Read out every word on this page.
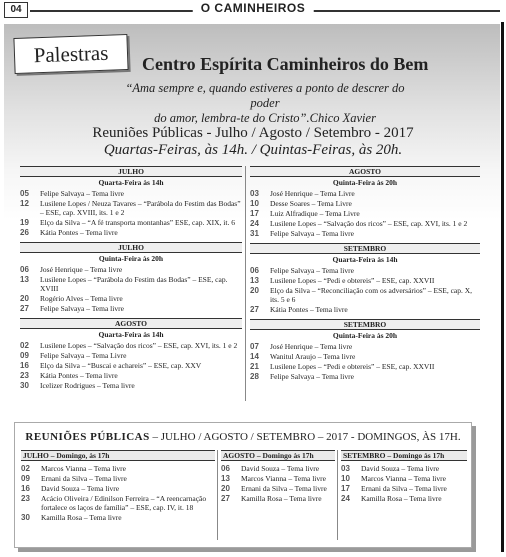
04	O CAMINHEIROS
Palestras	Centro Espírita Caminheiros do Bem
“Ama sempre e, quando estiveres a ponto de descrer do poder
do amor, lembra-te do Cristo”.Chico Xavier
Reuniões Públicas - Julho / Agosto / Setembro - 2017
Quartas-Feiras, às 14h. / Quintas-Feiras, às 20h.
JULHO
Quarta-Feira às 14h
05	Felipe Salvaya – Tema livre
12	Lusilene Lopes / Neuza Tavares – “Parábola do Festim das Bodas” – ESE, cap. XVIII, its. 1 e 2
19	Elço da Silva – “A fé transporta montanhas” ESE, cap. XIX, it. 6
26	Kátia Pontes – Tema livre
JULHO
Quinta-Feira às 20h
06	José Henrique – Tema livre
13	Lusilene Lopes – “Parábola do Festim das Bodas” – ESE, cap. XVIII
20	Rogério Alves – Tema livre
27	Felipe Salvaya – Tema livre
AGOSTO
Quarta-Feira às 14h
02	Lusilene Lopes – “Salvação dos ricos” – ESE, cap. XVI, its. 1 e 2
09	Felipe Salvaya – Tema Livre
16	Elço da Silva – “Buscai e achareis” – ESE, cap. XXV
23	Kátia Pontes – Tema livre
30	Icelizer Rodrigues – Tema livre
AGOSTO
Quinta-Feira às 20h
03	José Henrique – Tema Livre
10	Desse Soares – Tema Livre
17	Luiz Alfradique – Tema Livre
24	Lusilene Lopes – “Salvação dos ricos” – ESE, cap. XVI, its. 1 e 2
31	Felipe Salvaya – Tema livre
SETEMBRO
Quarta-Feira às 14h
06	Felipe Salvaya – Tema livre
13	Lusilene Lopes – “Pedi e obtereis” – ESE, cap. XXVII
20	Elço da Silva – “Reconciliação com os adversários” – ESE, cap. X, its. 5 e 6
27	Kátia Pontes – Tema livre
SETEMBRO
Quinta-Feira às 20h
07	José Henrique – Tema livre
14	Wanitul Araujo – Tema livre
21	Lusilene Lopes – “Pedi e obtereis” – ESE, cap. XXVII
28	Felipe Salvaya – Tema livre
REUNIÕES PÚBLICAS – JULHO / AGOSTO / SETEMBRO – 2017 - DOMINGOS, ÀS 17H.
JULHO – Domingo, às 17h
02	Marcos Vianna – Tema livre
09	Ernani da Silva – Tema livre
16	David Souza – Tema livre
23	Acácio Oliveira / Edinilson Ferreira – “A reencarnação fortalece os laços de família” – ESE, cap. IV, it. 18
30	Kamilla Rosa – Tema livre
AGOSTO – Domingo às 17h
06	David Souza – Tema livre
13	Marcos Vianna – Tema livre
20	Ernani da Silva – Tema livre
27	Kamilla Rosa – Tema livre
SETEMBRO – Domingo às 17h
03	David Souza – Tema livre
10	Marcos Vianna – Tema livre
17	Ernani da Silva – Tema livre
24	Kamilla Rosa – Tema livre
